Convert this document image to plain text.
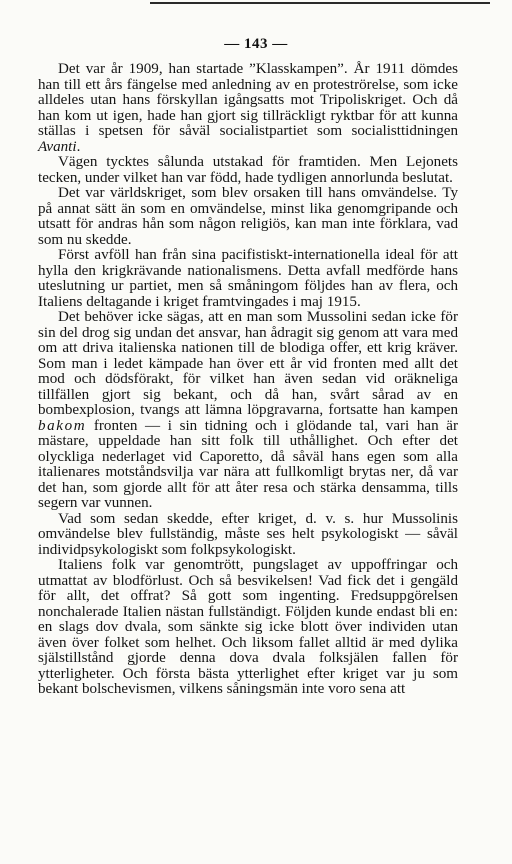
— 143 —

Det var år 1909, han startade ”Klasskampen”. År 1911 dömdes han till ett års fängelse med anledning av en proteströrelse, som icke alldeles utan hans förskyllan igångsatts mot Tripoliskriget. Och då han kom ut igen, hade han gjort sig tillräckligt ryktbar för att kunna ställas i spetsen för såväl socialistpartiet som socialisttidningen Avanti.

Vägen tycktes sålunda utstakad för framtiden. Men Lejonets tecken, under vilket han var född, hade tydligen annorlunda beslutat.

Det var världskriget, som blev orsaken till hans omvändelse. Ty på annat sätt än som en omvändelse, minst lika genomgripande och utsatt för andras hån som någon religiös, kan man inte förklara, vad som nu skedde.

Först avföll han från sina pacifistiskt-internationella ideal för att hylla den krigkrävande nationalismens. Detta avfall medförde hans uteslutning ur partiet, men så småningom följdes han av flera, och Italiens deltagande i kriget framtvingades i maj 1915.

Det behöver icke sägas, att en man som Mussolini sedan icke för sin del drog sig undan det ansvar, han ådragit sig genom att vara med om att driva italienska nationen till de blodiga offer, ett krig kräver. Som man i ledet kämpade han över ett år vid fronten med allt det mod och dödsförakt, för vilket han även sedan vid oräkneliga tillfällen gjort sig bekant, och då han, svårt sårad av en bombexplosion, tvangs att lämna löpgravarna, fortsatte han kampen bakom fronten — i sin tidning och i glödande tal, vari han är mästare, uppeldade han sitt folk till uthållighet. Och efter det olyckliga nederlaget vid Caporetto, då såväl hans egen som alla italienares motståndsvilja var nära att fullkomligt brytas ner, då var det han, som gjorde allt för att åter resa och stärka densamma, tills segern var vunnen.

Vad som sedan skedde, efter kriget, d. v. s. hur Mussolinis omvändelse blev fullständig, måste ses helt psykologiskt — såväl individpsykologiskt som folkpsykologiskt.

Italiens folk var genomtrött, pungslaget av uppoffringar och utmattat av blodförlust. Och så besvikelsen! Vad fick det i gengäld för allt, det offrat? Så gott som ingenting. Fredsuppgörelsen nonchalerade Italien nästan fullständigt. Följden kunde endast bli en: en slags dov dvala, som sänkte sig icke blott över individen utan även över folket som helhet. Och liksom fallet alltid är med dylika själstillstånd gjorde denna dova dvala folksjälen fallen för ytterligheter. Och första bästa ytterlighet efter kriget var ju som bekant bolschevismen, vilkens såningsmän inte voro sena att
